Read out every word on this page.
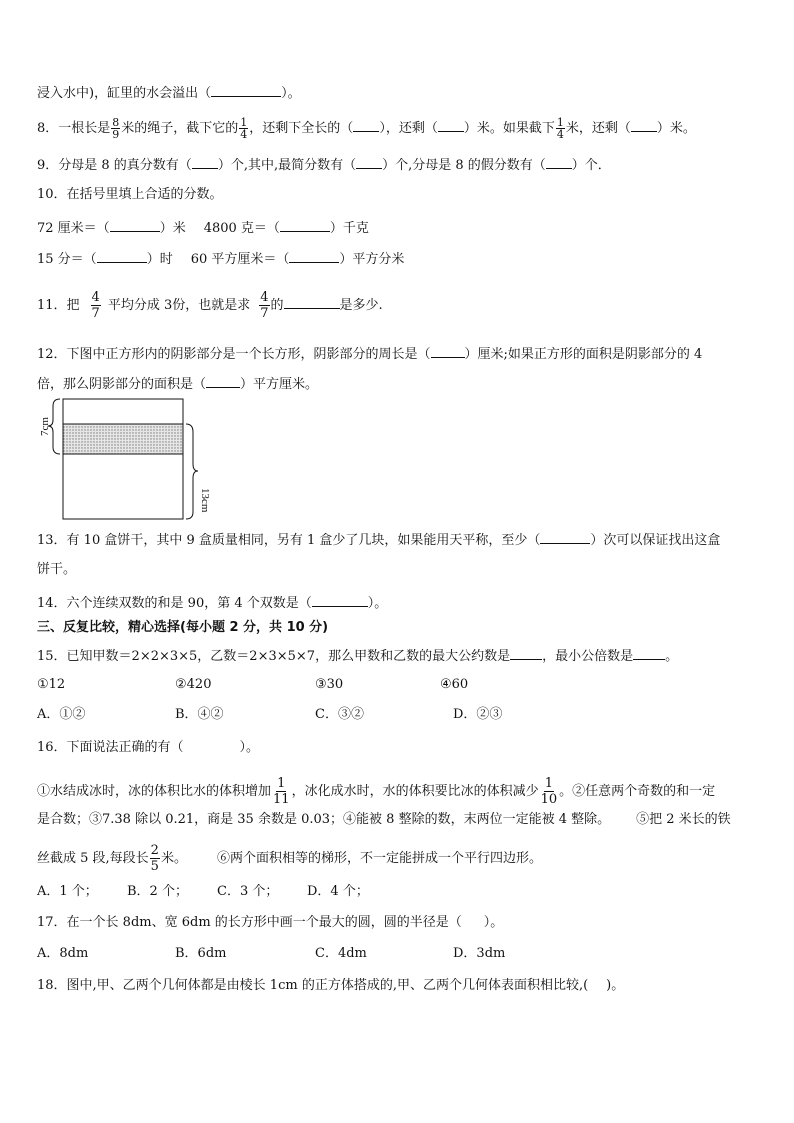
浸入水中)，缸里的水会溢出（	）。
8．一根长是 $\frac{8}{9}$ 米的绳子，截下它的 $\frac{1}{4}$ ，还剩下全长的（ ），还剩（ ）米。如果截下 $\frac{1}{4}$ 米，还剩（ ）米。
9．分母是 8 的真分数有（ ）个,其中,最简分数有（ ）个,分母是 8 的假分数有（ ）个．
10．在括号里填上合适的分数。
72 厘米＝（	）米 4800 克＝（	）千克
15 分＝（	）时 60 平方厘米＝（	）平方分米
11．把 $\frac{4}{7}$ 平均分成 3份，也就是求 $\frac{4}{7}$ 的	是多少.
12．下图中正方形内的阴影部分是一个长方形，阴影部分的周长是（	）厘米;如果正方形的面积是阴影部分的 4
倍，那么阴影部分的面积是（	）平方厘米。
7cm
13cm
13．有 10 盒饼干，其中 9 盒质量相同，另有 1 盒少了几块，如果能用天平称，至少（	）次可以保证找出这盒
饼干。
14．六个连续双数的和是 90，第 4 个双数是（	）。
三、反复比较，精心选择(每小题 2 分，共 10 分)
15．已知甲数＝2×2×3×5，乙数＝2×3×5×7，那么甲数和乙数的最大公约数是 ，最小公倍数是 。
①12	②420	③30	④60
A．①②	B．④②	C．③②	D．②③
16．下面说法正确的有（	）。
①水结成冰时，冰的体积比水的体积增加 $\frac{1}{11}$ ，冰化成水时，水的体积要比冰的体积减少 $\frac{1}{10}$ 。②任意两个奇数的和一定
是合数；③7.38 除以 0.21，商是 35 余数是 0.03；④能被 8 整除的数，末两位一定能被 4 整除。 ⑤把 2 米长的铁
丝截成 5 段,每段长 $\frac{2}{5}$ 米。 ⑥两个面积相等的梯形，不一定能拼成一个平行四边形。
A．1 个； B．2 个； C．3 个； D．4 个；
17．在一个长 8dm、宽 6dm 的长方形中画一个最大的圆，圆的半径是（ ）。
A．8dm	B．6dm	C．4dm	D．3dm
18．图中,甲、乙两个几何体都是由棱长 1cm 的正方体搭成的,甲、乙两个几何体表面积相比较,( )。
